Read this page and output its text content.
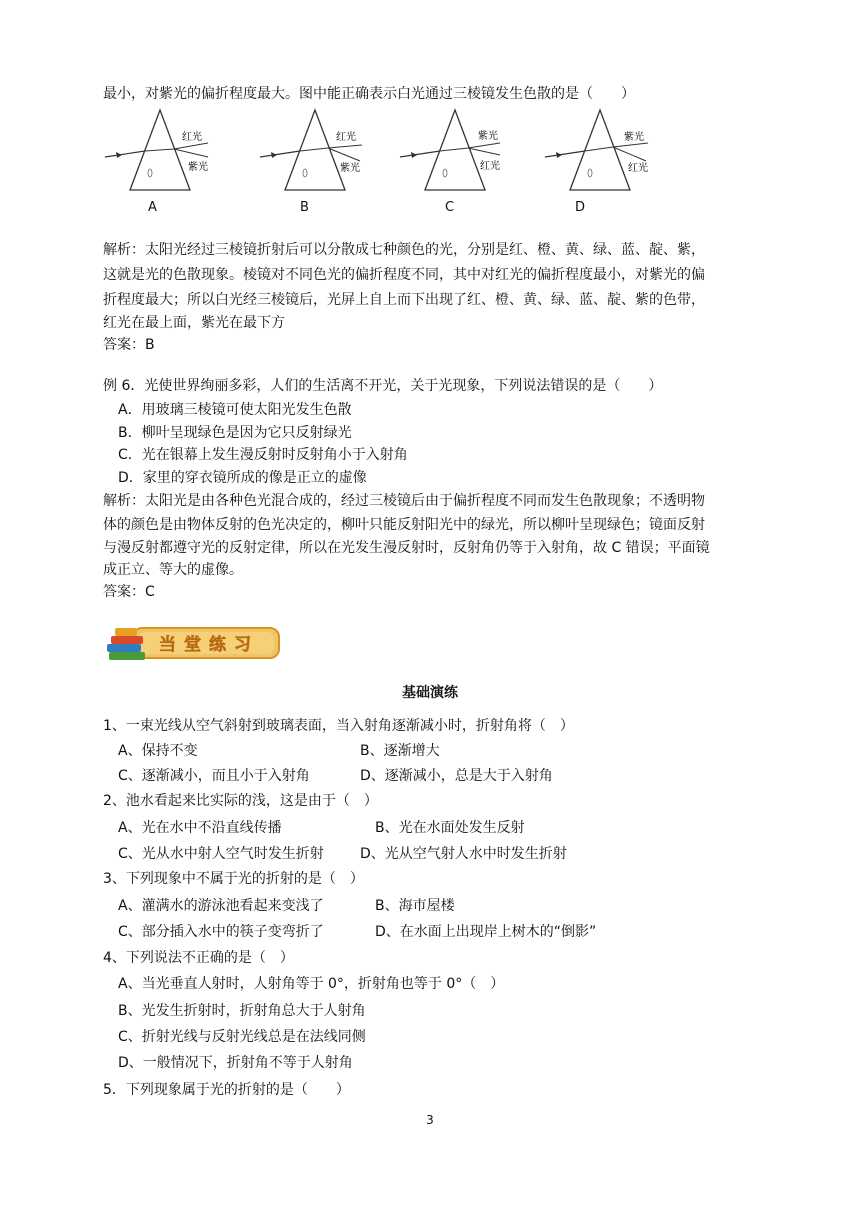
最小，对紫光的偏折程度最大。图中能正确表示白光通过三棱镜发生色散的是（　　）
红光
紫光
红光
紫光
紫光
红光
紫光
红光
A	B	C	D
解析：太阳光经过三棱镜折射后可以分散成七种颜色的光，分别是红、橙、黄、绿、蓝、靛、紫，
这就是光的色散现象。棱镜对不同色光的偏折程度不同，其中对红光的偏折程度最小，对紫光的偏
折程度最大；所以白光经三棱镜后，光屏上自上而下出现了红、橙、黄、绿、蓝、靛、紫的色带，
红光在最上面，紫光在最下方
答案：B
例 6．光使世界绚丽多彩，人们的生活离不开光，关于光现象，下列说法错误的是（　　）
A．用玻璃三棱镜可使太阳光发生色散
B．柳叶呈现绿色是因为它只反射绿光
C．光在银幕上发生漫反射时反射角小于入射角
D．家里的穿衣镜所成的像是正立的虚像
解析：太阳光是由各种色光混合成的，经过三棱镜后由于偏折程度不同而发生色散现象；不透明物
体的颜色是由物体反射的色光决定的，柳叶只能反射阳光中的绿光，所以柳叶呈现绿色；镜面反射
与漫反射都遵守光的反射定律，所以在光发生漫反射时，反射角仍等于入射角，故 C 错误；平面镜
成正立、等大的虚像。
答案：C
当堂练习
基础演练
1、一束光线从空气斜射到玻璃表面，当入射角逐渐减小时，折射角将（　）
A、保持不变	B、逐渐增大
C、逐渐减小，而且小于入射角	D、逐渐减小，总是大于入射角
2、池水看起来比实际的浅，这是由于（　）
A、光在水中不沿直线传播	B、光在水面处发生反射
C、光从水中射人空气时发生折射	D、光从空气射人水中时发生折射
3、下列现象中不属于光的折射的是（　）
A、灌满水的游泳池看起来变浅了	B、海市屋楼
C、部分插入水中的筷子变弯折了	D、在水面上出现岸上树木的“倒影”
4、下列说法不正确的是（　）
A、当光垂直人射时，人射角等于 0°，折射角也等于 0°（　）
B、光发生折射时，折射角总大于人射角
C、折射光线与反射光线总是在法线同侧
D、一般情况下，折射角不等于人射角
5．下列现象属于光的折射的是（　　）
3
